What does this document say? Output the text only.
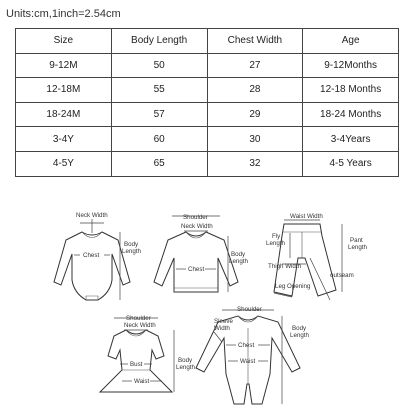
Units:cm,1inch=2.54cm
Size	Body Length	Chest Width	Age
9-12M	50	27	9-12Months
12-18M	55	28	12-18 Months
18-24M	57	29	18-24 Months
3-4Y	60	30	3-4Years
4-5Y	65	32	4-5 Years
Neck Width
Chest
Body
Length
Shoulder
Neck Width
Chest
Body
Length
Waist Width
Fly
Length	Pant
Length
Thigh Width
outseam
Leg Opening
Shoulder
Neck Width
Bust
Waist
Body
Length
Shoulder
Sleeve
Width
Chest
Waist
Body
Length
